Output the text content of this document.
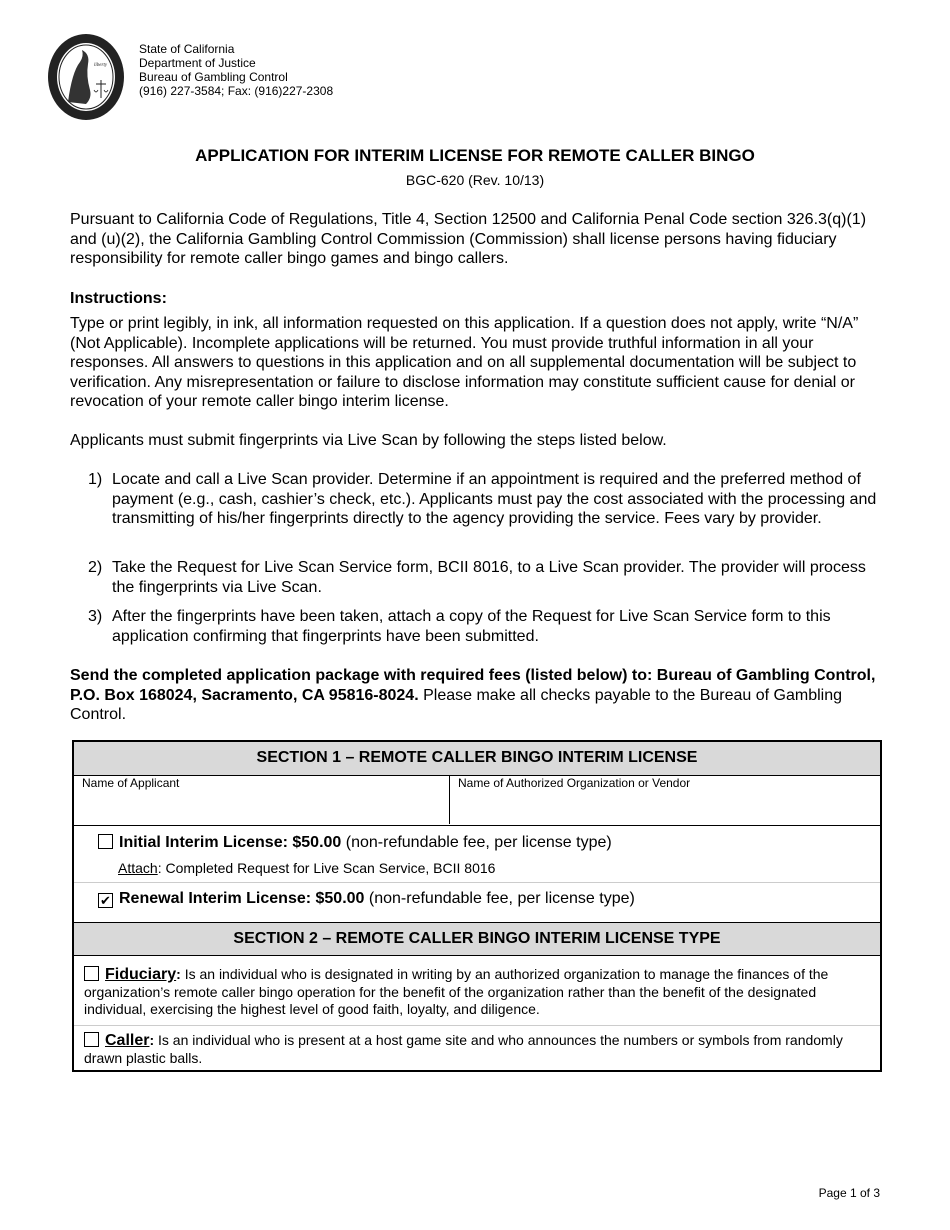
liberty
State of California
Department of Justice
Bureau of Gambling Control
(916) 227-3584; Fax: (916)227-2308
APPLICATION FOR INTERIM LICENSE FOR REMOTE CALLER BINGO
BGC-620 (Rev. 10/13)
Pursuant to California Code of Regulations, Title 4, Section 12500 and California Penal Code section 326.3(q)(1) and (u)(2), the California Gambling Control Commission (Commission) shall license persons having fiduciary responsibility for remote caller bingo games and bingo callers.
Instructions:
Type or print legibly, in ink, all information requested on this application. If a question does not apply, write “N/A” (Not Applicable). Incomplete applications will be returned. You must provide truthful information in all your responses. All answers to questions in this application and on all supplemental documentation will be subject to verification. Any misrepresentation or failure to disclose information may constitute sufficient cause for denial or revocation of your remote caller bingo interim license.
Applicants must submit fingerprints via Live Scan by following the steps listed below.
1) Locate and call a Live Scan provider. Determine if an appointment is required and the preferred method of payment (e.g., cash, cashier’s check, etc.). Applicants must pay the cost associated with the processing and transmitting of his/her fingerprints directly to the agency providing the service. Fees vary by provider.
2) Take the Request for Live Scan Service form, BCII 8016, to a Live Scan provider. The provider will process the fingerprints via Live Scan.
3) After the fingerprints have been taken, attach a copy of the Request for Live Scan Service form to this application confirming that fingerprints have been submitted.
Send the completed application package with required fees (listed below) to: Bureau of Gambling Control, P.O. Box 168024, Sacramento, CA 95816-8024. Please make all checks payable to the Bureau of Gambling Control.
SECTION 1 – REMOTE CALLER BINGO INTERIM LICENSE
Name of Applicant	Name of Authorized Organization or Vendor
Initial Interim License: $50.00 (non-refundable fee, per license type)
Attach: Completed Request for Live Scan Service, BCII 8016
✔ Renewal Interim License: $50.00 (non-refundable fee, per license type)
SECTION 2 – REMOTE CALLER BINGO INTERIM LICENSE TYPE
Fiduciary: Is an individual who is designated in writing by an authorized organization to manage the finances of the organization’s remote caller bingo operation for the benefit of the organization rather than the benefit of the designated individual, exercising the highest level of good faith, loyalty, and diligence.
Caller: Is an individual who is present at a host game site and who announces the numbers or symbols from randomly drawn plastic balls.
Page 1 of 3
